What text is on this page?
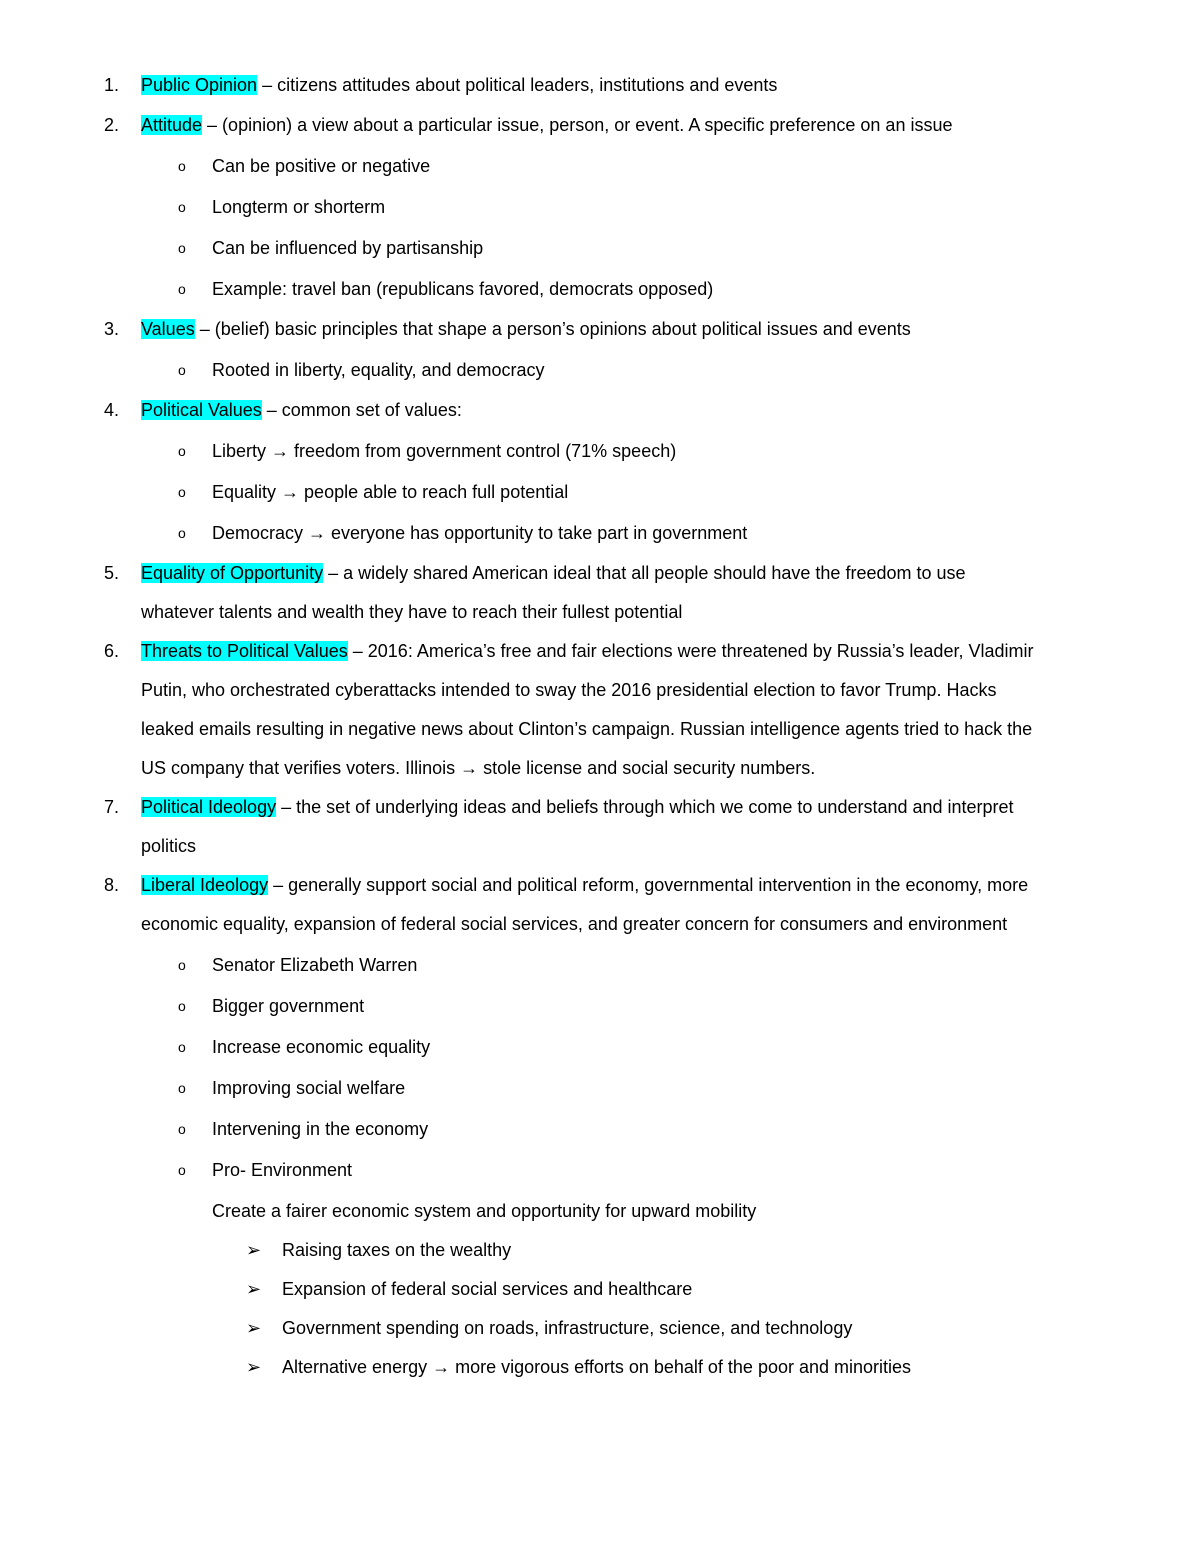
1.	Public Opinion – citizens attitudes about political leaders, institutions and events
2.	Attitude – (opinion) a view about a particular issue, person, or event. A specific preference on an issue
o Can be positive or negative
o Longterm or shorterm
o Can be influenced by partisanship
o Example: travel ban (republicans favored, democrats opposed)
3.	Values – (belief) basic principles that shape a person’s opinions about political issues and events
o Rooted in liberty, equality, and democracy
4.	Political Values – common set of values:
o Liberty → freedom from government control (71% speech)
o Equality → people able to reach full potential
o Democracy → everyone has opportunity to take part in government
5.	Equality of Opportunity – a widely shared American ideal that all people should have the freedom to use
whatever talents and wealth they have to reach their fullest potential
6.	Threats to Political Values – 2016: America’s free and fair elections were threatened by Russia’s leader, Vladimir
Putin, who orchestrated cyberattacks intended to sway the 2016 presidential election to favor Trump. Hacks
leaked emails resulting in negative news about Clinton’s campaign. Russian intelligence agents tried to hack the
US company that verifies voters. Illinois → stole license and social security numbers.
7.	Political Ideology – the set of underlying ideas and beliefs through which we come to understand and interpret
politics
8.	Liberal Ideology – generally support social and political reform, governmental intervention in the economy, more
economic equality, expansion of federal social services, and greater concern for consumers and environment
o Senator Elizabeth Warren
o Bigger government
o Increase economic equality
o Improving social welfare
o Intervening in the economy
o Pro- Environment
Create a fairer economic system and opportunity for upward mobility
➢ Raising taxes on the wealthy
➢ Expansion of federal social services and healthcare
➢ Government spending on roads, infrastructure, science, and technology
➢ Alternative energy → more vigorous efforts on behalf of the poor and minorities
